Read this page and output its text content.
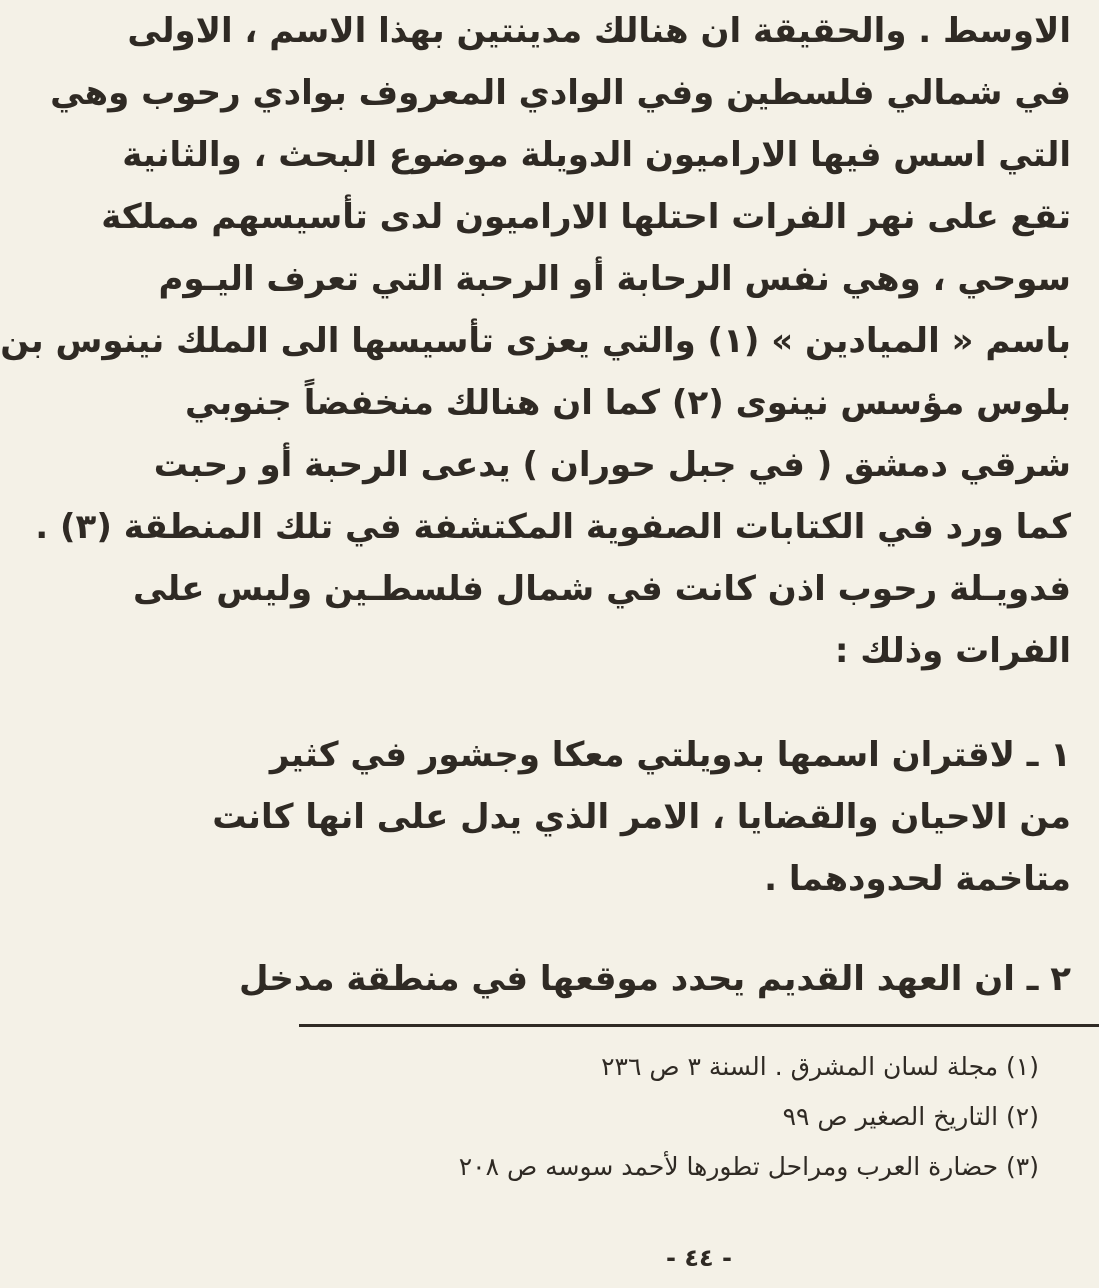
الاوسط . والحقيقة ان هنالك مدينتين بهذا الاسم ، الاولى
في شمالي فلسطين وفي الوادي المعروف بوادي رحوب وهي
التي اسس فيها الاراميون الدويلة موضوع البحث ، والثانية
تقع على نهر الفرات احتلها الاراميون لدى تأسيسهم مملكة
سوحي ، وهي نفس الرحابة أو الرحبة التي تعرف اليـوم
باسم « الميادين » (١) والتي يعزى تأسيسها الى الملك نينوس بن
بلوس مؤسس نينوى (٢) كما ان هنالك منخفضاً جنوبي
شرقي دمشق ( في جبل حوران ) يدعى الرحبة أو رحبت
كما ورد في الكتابات الصفوية المكتشفة في تلك المنطقة (٣) .
فدويـلة رحوب اذن كانت في شمال فلسطـين وليس على
الفرات وذلك :
١ ـ لاقتران اسمها بدويلتي معكا وجشور في كثير
من الاحيان والقضايا ، الامر الذي يدل على انها كانت
متاخمة لحدودهما .
٢ ـ ان العهد القديم يحدد موقعها في منطقة مدخل
(١) مجلة لسان المشرق . السنة ٣ ص ٢٣٦
(٢) التاريخ الصغير ص ٩٩
(٣) حضارة العرب ومراحل تطورها لأحمد سوسه ص ٢٠٨
- ٤٤ -
